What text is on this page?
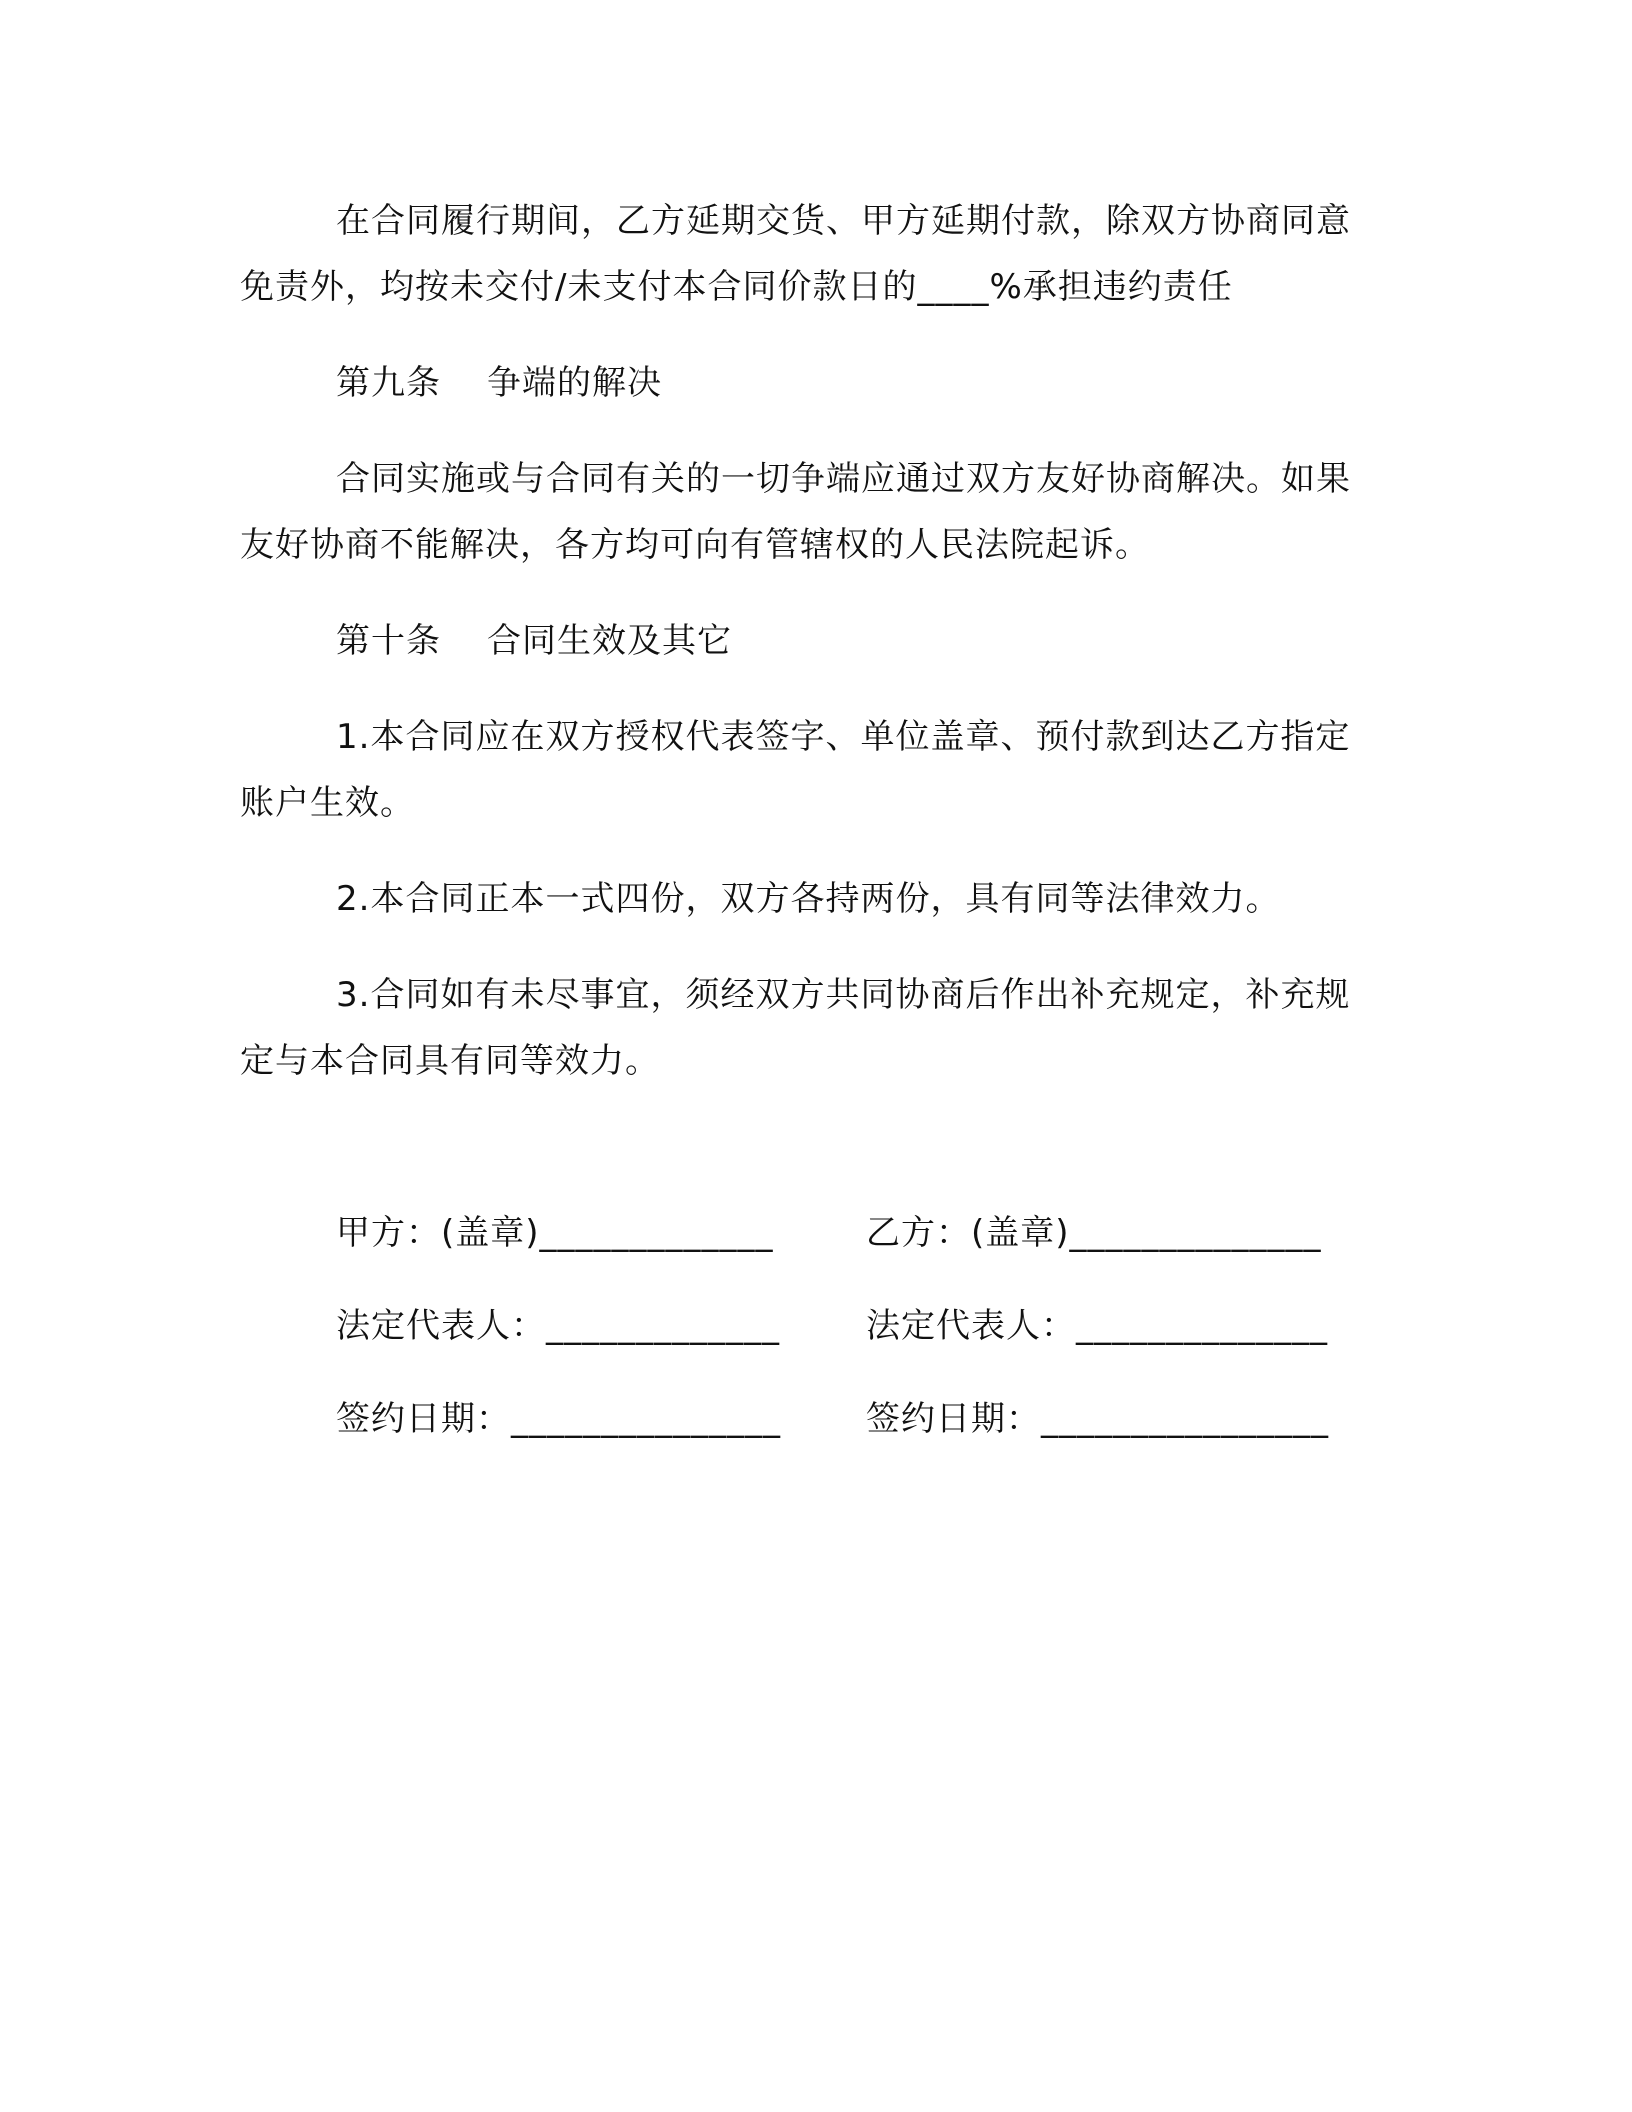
在合同履行期间，乙方延期交货、甲方延期付款，除双方协商同意免责外，均按未交付/未支付本合同价款日的____%承担违约责任

第九条 争端的解决

合同实施或与合同有关的一切争端应通过双方友好协商解决。如果友好协商不能解决，各方均可向有管辖权的人民法院起诉。

第十条 合同生效及其它

1.本合同应在双方授权代表签字、单位盖章、预付款到达乙方指定账户生效。

2.本合同正本一式四份，双方各持两份，具有同等法律效力。

3.合同如有未尽事宜，须经双方共同协商后作出补充规定，补充规定与本合同具有同等效力。

甲方：(盖章)_____________	乙方：(盖章)______________
法定代表人：_____________	法定代表人：______________
签约日期：_______________	签约日期：________________
